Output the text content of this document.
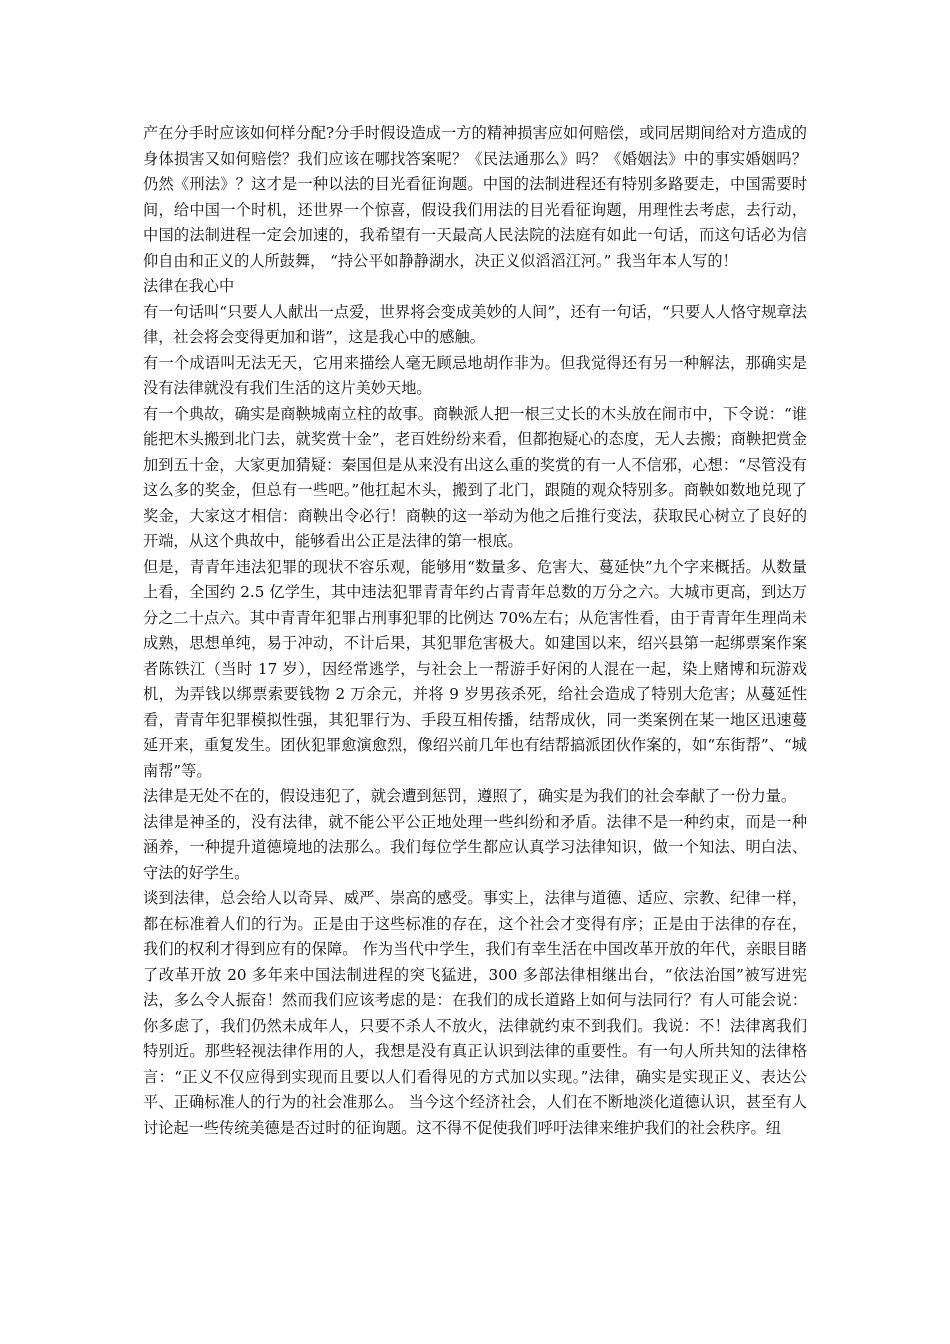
产在分手时应该如何样分配?分手时假设造成一方的精神损害应如何赔偿，或同居期间给对方造成的身体损害又如何赔偿？我们应该在哪找答案呢？《民法通那么》吗？《婚姻法》中的事实婚姻吗？仍然《刑法》？这才是一种以法的目光看征询题。中国的法制进程还有特别多路要走，中国需要时间，给中国一个时机，还世界一个惊喜，假设我们用法的目光看征询题，用理性去考虑，去行动，中国的法制进程一定会加速的，我希望有一天最高人民法院的法庭有如此一句话，而这句话必为信仰自由和正义的人所鼓舞， “持公平如静静湖水，决正义似滔滔江河。” 我当年本人写的！

法律在我心中

有一句话叫“只要人人献出一点爱，世界将会变成美妙的人间”，还有一句话，“只要人人恪守规章法律，社会将会变得更加和谐”，这是我心中的感触。

有一个成语叫无法无天，它用来描绘人毫无顾忌地胡作非为。但我觉得还有另一种解法，那确实是没有法律就没有我们生活的这片美妙天地。

有一个典故，确实是商鞅城南立柱的故事。商鞅派人把一根三丈长的木头放在闹市中，下令说：“谁能把木头搬到北门去，就奖赏十金”，老百姓纷纷来看，但都抱疑心的态度，无人去搬；商鞅把赏金加到五十金，大家更加猜疑：秦国但是从来没有出这么重的奖赏的有一人不信邪，心想：“尽管没有这么多的奖金，但总有一些吧。”他扛起木头，搬到了北门，跟随的观众特别多。商鞅如数地兑现了奖金，大家这才相信：商鞅出令必行！商鞅的这一举动为他之后推行变法，获取民心树立了良好的开端，从这个典故中，能够看出公正是法律的第一根底。

但是，青青年违法犯罪的现状不容乐观，能够用“数量多、危害大、蔓延快”九个字来概括。从数量上看，全国约 2.5 亿学生，其中违法犯罪青青年约占青青年总数的万分之六。大城市更高，到达万分之二十点六。其中青青年犯罪占刑事犯罪的比例达 70%左右；从危害性看，由于青青年生理尚未成熟，思想单纯，易于冲动，不计后果，其犯罪危害极大。如建国以来，绍兴县第一起绑票案作案者陈铁江（当时 17 岁），因经常逃学，与社会上一帮游手好闲的人混在一起，染上赌博和玩游戏机，为弄钱以绑票索要钱物 2 万余元，并将 9 岁男孩杀死，给社会造成了特别大危害；从蔓延性看，青青年犯罪模拟性强，其犯罪行为、手段互相传播，结帮成伙，同一类案例在某一地区迅速蔓延开来，重复发生。团伙犯罪愈演愈烈，像绍兴前几年也有结帮搞派团伙作案的，如“东街帮”、“城南帮”等。

法律是无处不在的，假设违犯了，就会遭到惩罚，遵照了，确实是为我们的社会奉献了一份力量。

法律是神圣的，没有法律，就不能公平公正地处理一些纠纷和矛盾。法律不是一种约束，而是一种涵养，一种提升道德境地的法那么。我们每位学生都应认真学习法律知识，做一个知法、明白法、守法的好学生。

谈到法律，总会给人以奇异、威严、崇高的感受。事实上，法律与道德、适应、宗教、纪律一样，都在标准着人们的行为。正是由于这些标准的存在，这个社会才变得有序；正是由于法律的存在，我们的权利才得到应有的保障。 作为当代中学生，我们有幸生活在中国改革开放的年代，亲眼目睹了改革开放 20 多年来中国法制进程的突飞猛进，300 多部法律相继出台，“依法治国”被写进宪法，多么令人振奋！然而我们应该考虑的是：在我们的成长道路上如何与法同行？有人可能会说：你多虑了，我们仍然未成年人，只要不杀人不放火，法律就约束不到我们。我说：不！法律离我们特别近。那些轻视法律作用的人，我想是没有真正认识到法律的重要性。有一句人所共知的法律格言：“正义不仅应得到实现而且要以人们看得见的方式加以实现。”法律，确实是实现正义、表达公平、正确标准人的行为的社会准那么。 当今这个经济社会，人们在不断地淡化道德认识，甚至有人讨论起一些传统美德是否过时的征询题。这不得不促使我们呼吁法律来维护我们的社会秩序。纽
